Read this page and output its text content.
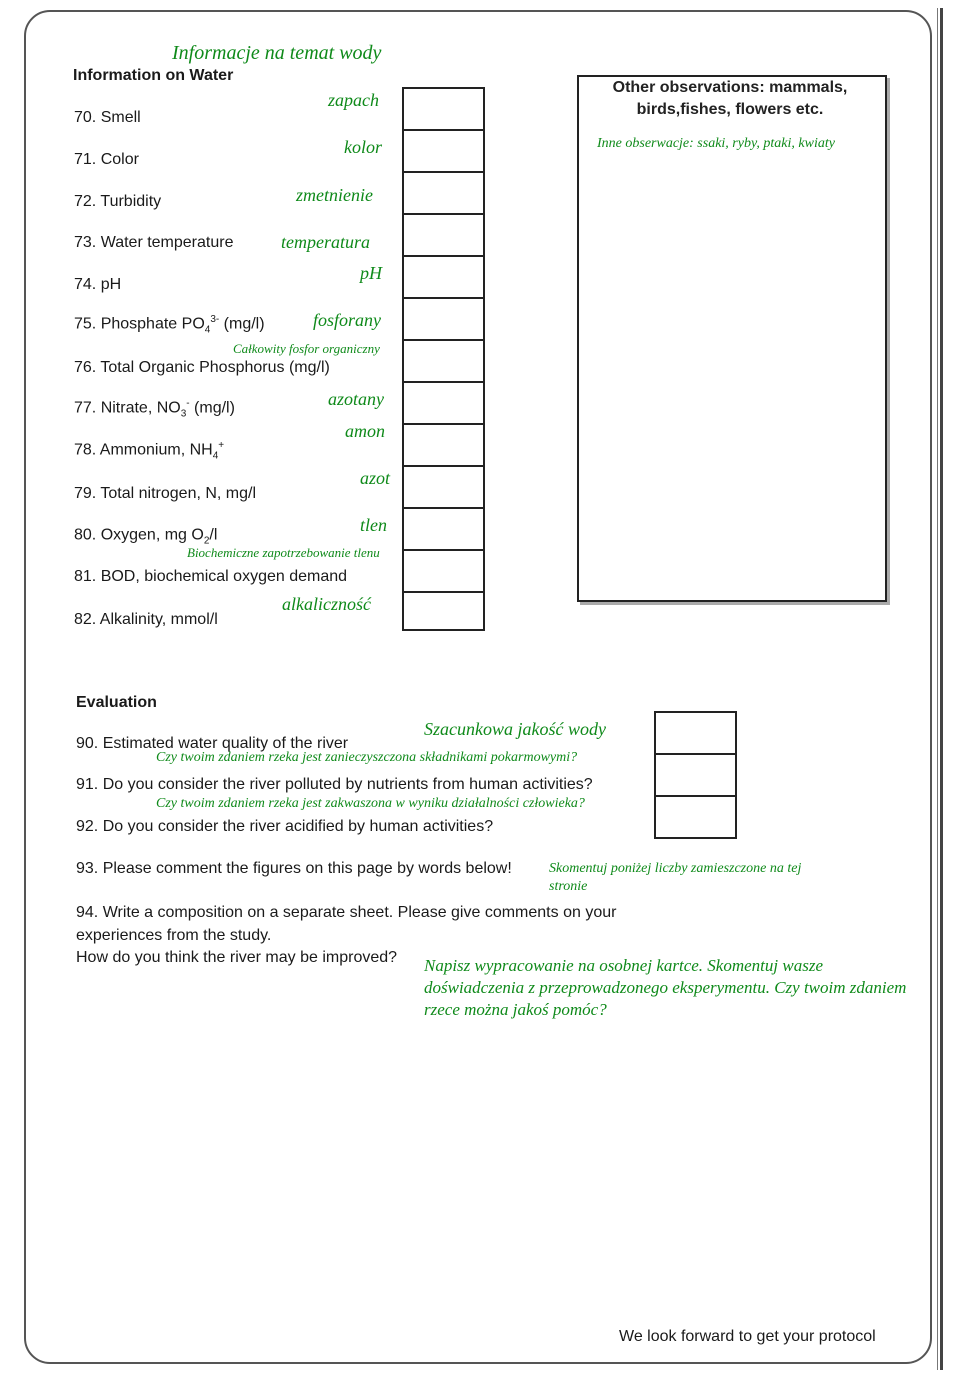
Informacje na temat wody
Information on Water
70. Smell
71. Color
72. Turbidity
73. Water temperature
74. pH
75. Phosphate $PO_4^{3-}$ (mg/l)
76. Total Organic Phosphorus (mg/l)
77. Nitrate, $NO_3^-$ (mg/l)
78. Ammonium, $NH_4^+$
79. Total nitrogen, N, mg/l
80. Oxygen, mg $O_2/l$
81. BOD, biochemical oxygen demand
82. Alkalinity, mmol/l
zapach
kolor
zmetnienie
temperatura
pH
fosforany
Całkowity fosfor organiczny
azotany
amon
azot
tlen
Biochemiczne zapotrzebowanie tlenu
alkaliczność
Other observations: mammals,
birds,fishes, flowers etc.
Inne obserwacje: ssaki, ryby, ptaki, kwiaty
Evaluation
Szacunkowa jakość wody
90. Estimated water quality of the river
Czy twoim zdaniem rzeka jest zanieczyszczona składnikami pokarmowymi?
91. Do you consider the river polluted by nutrients from human activities?
Czy twoim zdaniem rzeka jest zakwaszona w wyniku działalności człowieka?
92. Do you consider the river acidified by human activities?
93. Please comment the figures on this page by words below!	Skomentuj poniżej liczby zamieszczone na tej stronie
94. Write a composition on a separate sheet. Please give comments on your
experiences from the study.
How do you think the river may be improved? Napisz wypracowanie na osobnej kartce. Skomentuj wasze doświadczenia z przeprowadzonego eksperymentu. Czy twoim zdaniem rzece można jakoś pomóc?
We look forward to get your protocol
